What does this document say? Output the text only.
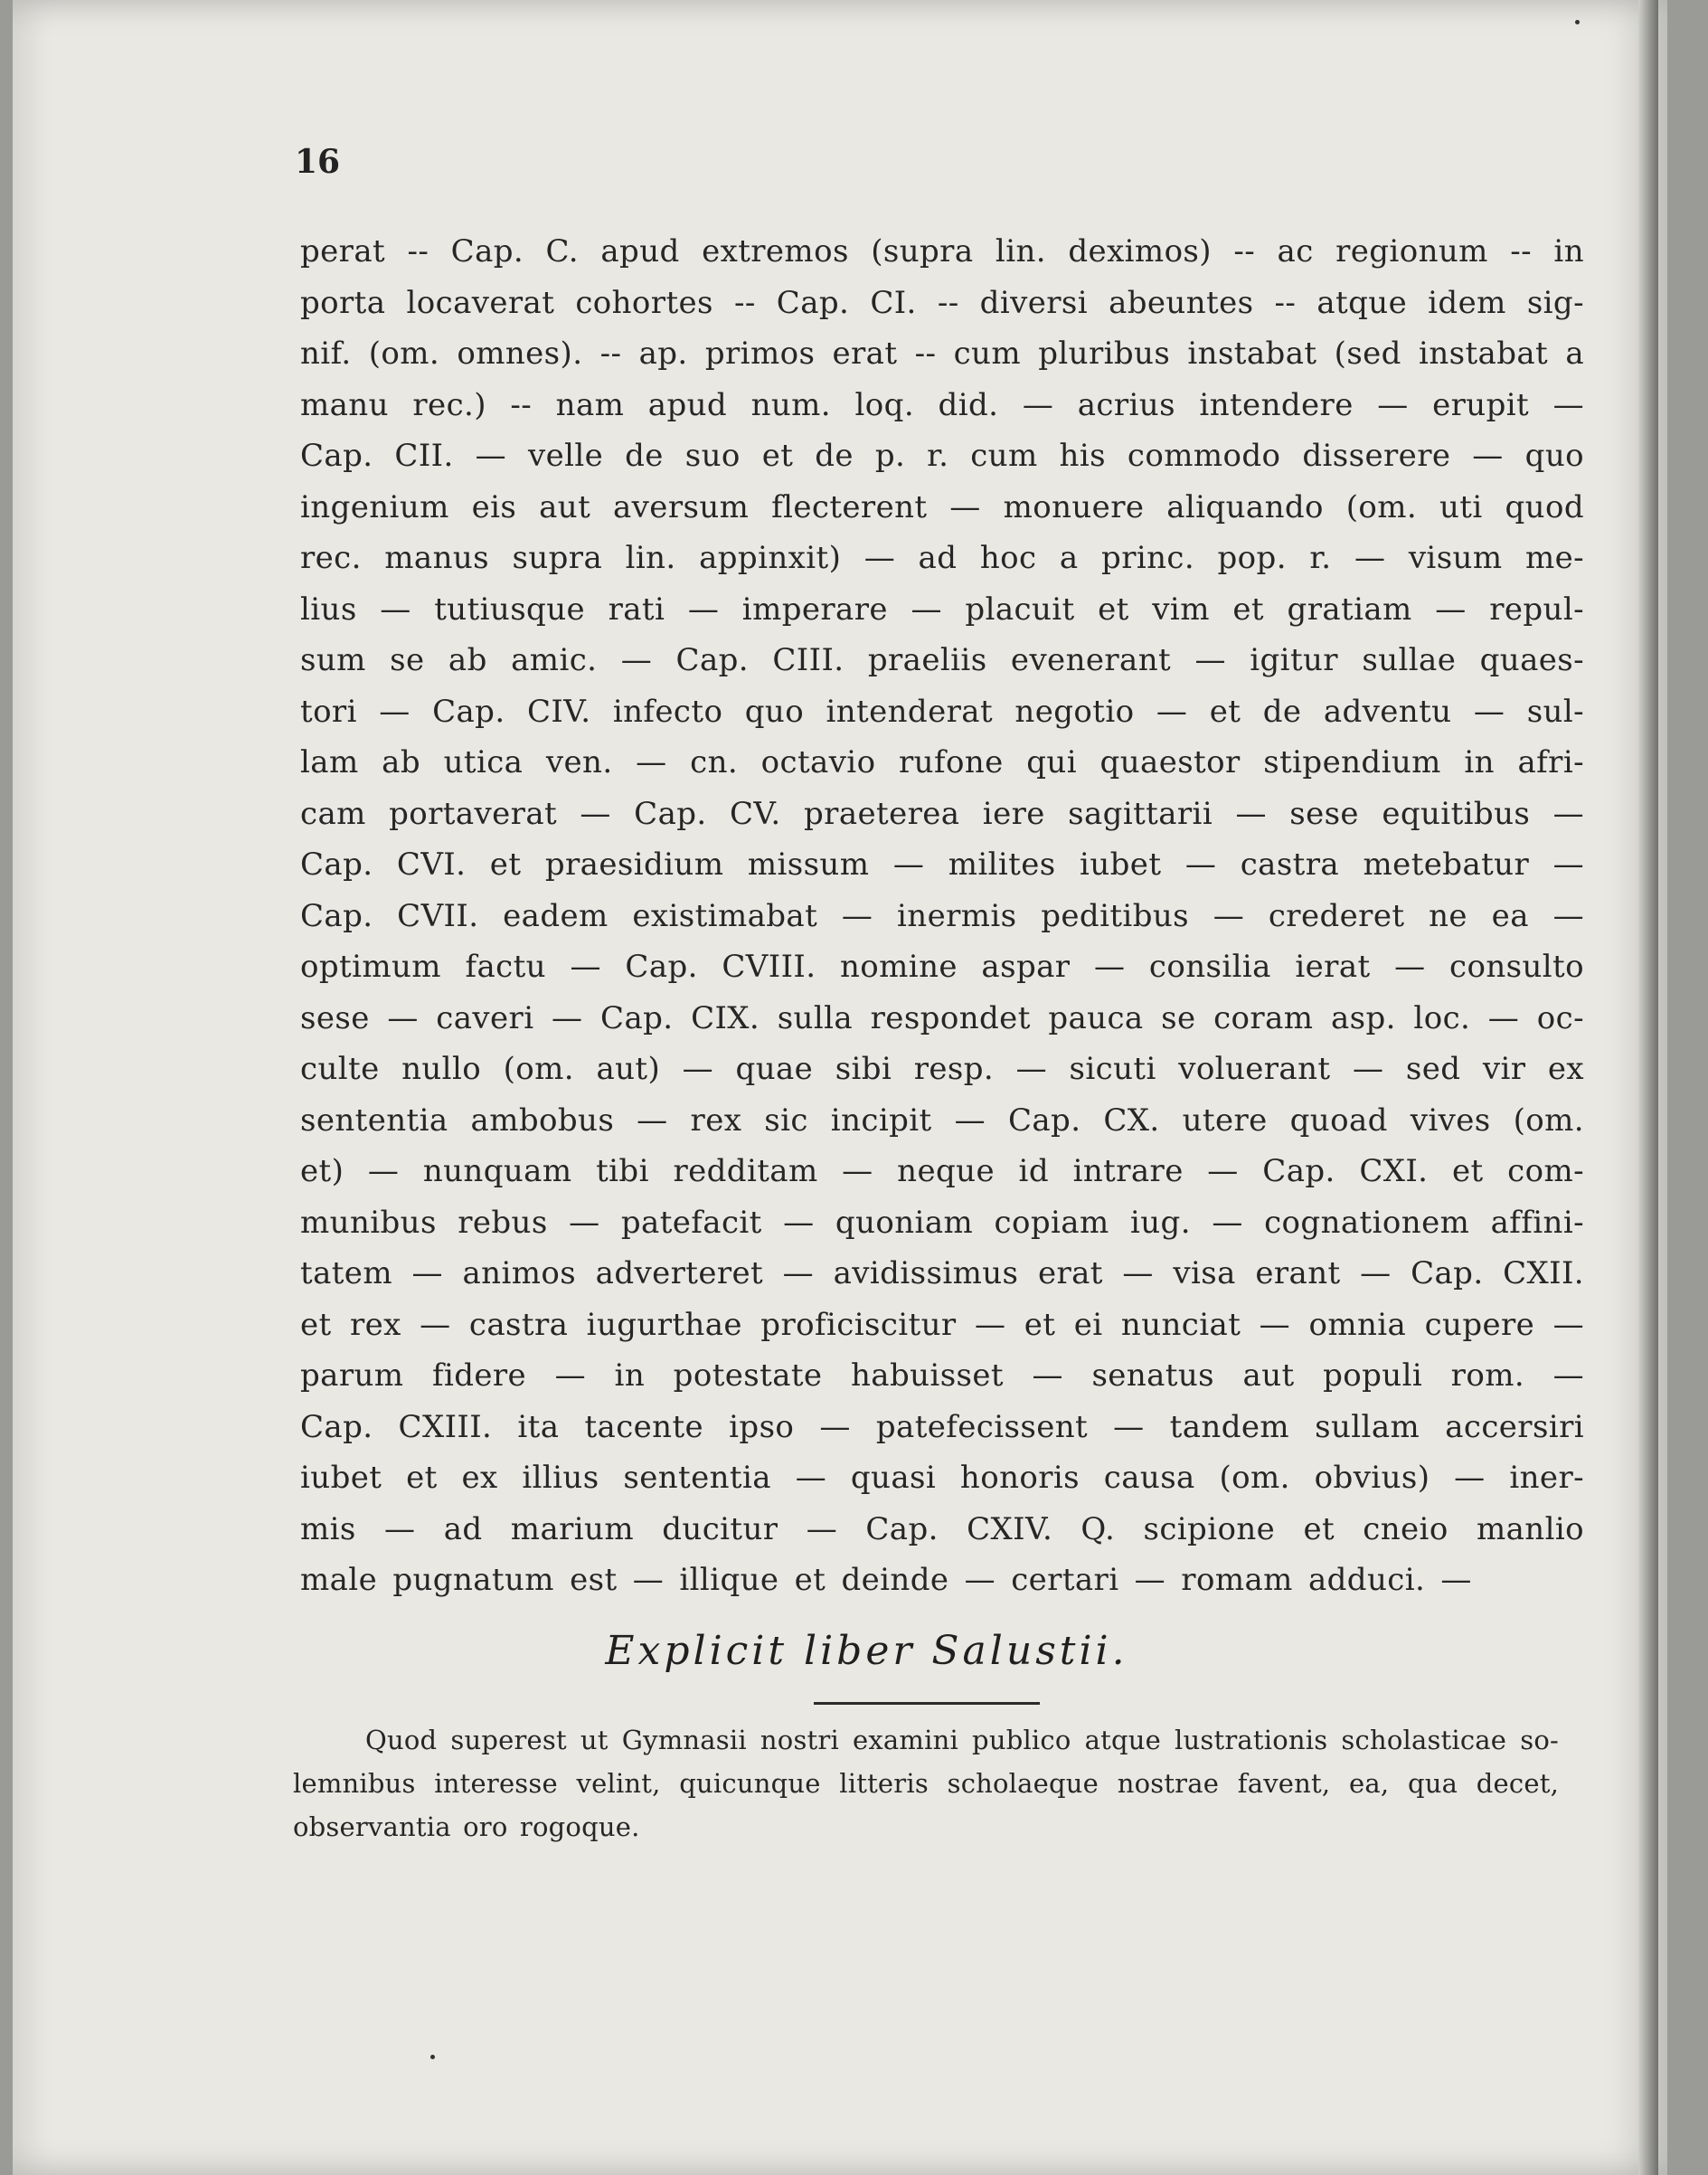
16
perat -- Cap. C. apud extremos (supra lin. deximos) -- ac regionum -- in
porta locaverat cohortes -- Cap. CI. -- diversi abeuntes -- atque idem sig-
nif. (om. omnes). -- ap. primos erat -- cum pluribus instabat (sed instabat a
manu rec.) -- nam apud num. loq. did. — acrius intendere — erupit —
Cap. CII. — velle de suo et de p. r. cum his commodo disserere — quo
ingenium eis aut aversum flecterent — monuere aliquando (om. uti quod
rec. manus supra lin. appinxit) — ad hoc a princ. pop. r. — visum me-
lius — tutiusque rati — imperare — placuit et vim et gratiam — repul-
sum se ab amic. — Cap. CIII. praeliis evenerant — igitur sullae quaes-
tori — Cap. CIV. infecto quo intenderat negotio — et de adventu — sul-
lam ab utica ven. — cn. octavio rufone qui quaestor stipendium in afri-
cam portaverat — Cap. CV. praeterea iere sagittarii — sese equitibus —
Cap. CVI. et praesidium missum — milites iubet — castra metebatur —
Cap. CVII. eadem existimabat — inermis peditibus — crederet ne ea —
optimum factu — Cap. CVIII. nomine aspar — consilia ierat — consulto
sese — caveri — Cap. CIX. sulla respondet pauca se coram asp. loc. — oc-
culte nullo (om. aut) — quae sibi resp. — sicuti voluerant — sed vir ex
sententia ambobus — rex sic incipit — Cap. CX. utere quoad vives (om.
et) — nunquam tibi redditam — neque id intrare — Cap. CXI. et com-
munibus rebus — patefacit — quoniam copiam iug. — cognationem affini-
tatem — animos adverteret — avidissimus erat — visa erant — Cap. CXII.
et rex — castra iugurthae proficiscitur — et ei nunciat — omnia cupere —
parum fidere — in potestate habuisset — senatus aut populi rom. —
Cap. CXIII. ita tacente ipso — patefecissent — tandem sullam accersiri
iubet et ex illius sententia — quasi honoris causa (om. obvius) — iner-
mis — ad marium ducitur — Cap. CXIV. Q. scipione et cneio manlio
male pugnatum est — illique et deinde — certari — romam adduci. —
Explicit liber Salustii.
Quod superest ut Gymnasii nostri examini publico atque lustrationis scholasticae so-
lemnibus interesse velint, quicunque litteris scholaeque nostrae favent, ea, qua decet,
observantia oro rogoque.
